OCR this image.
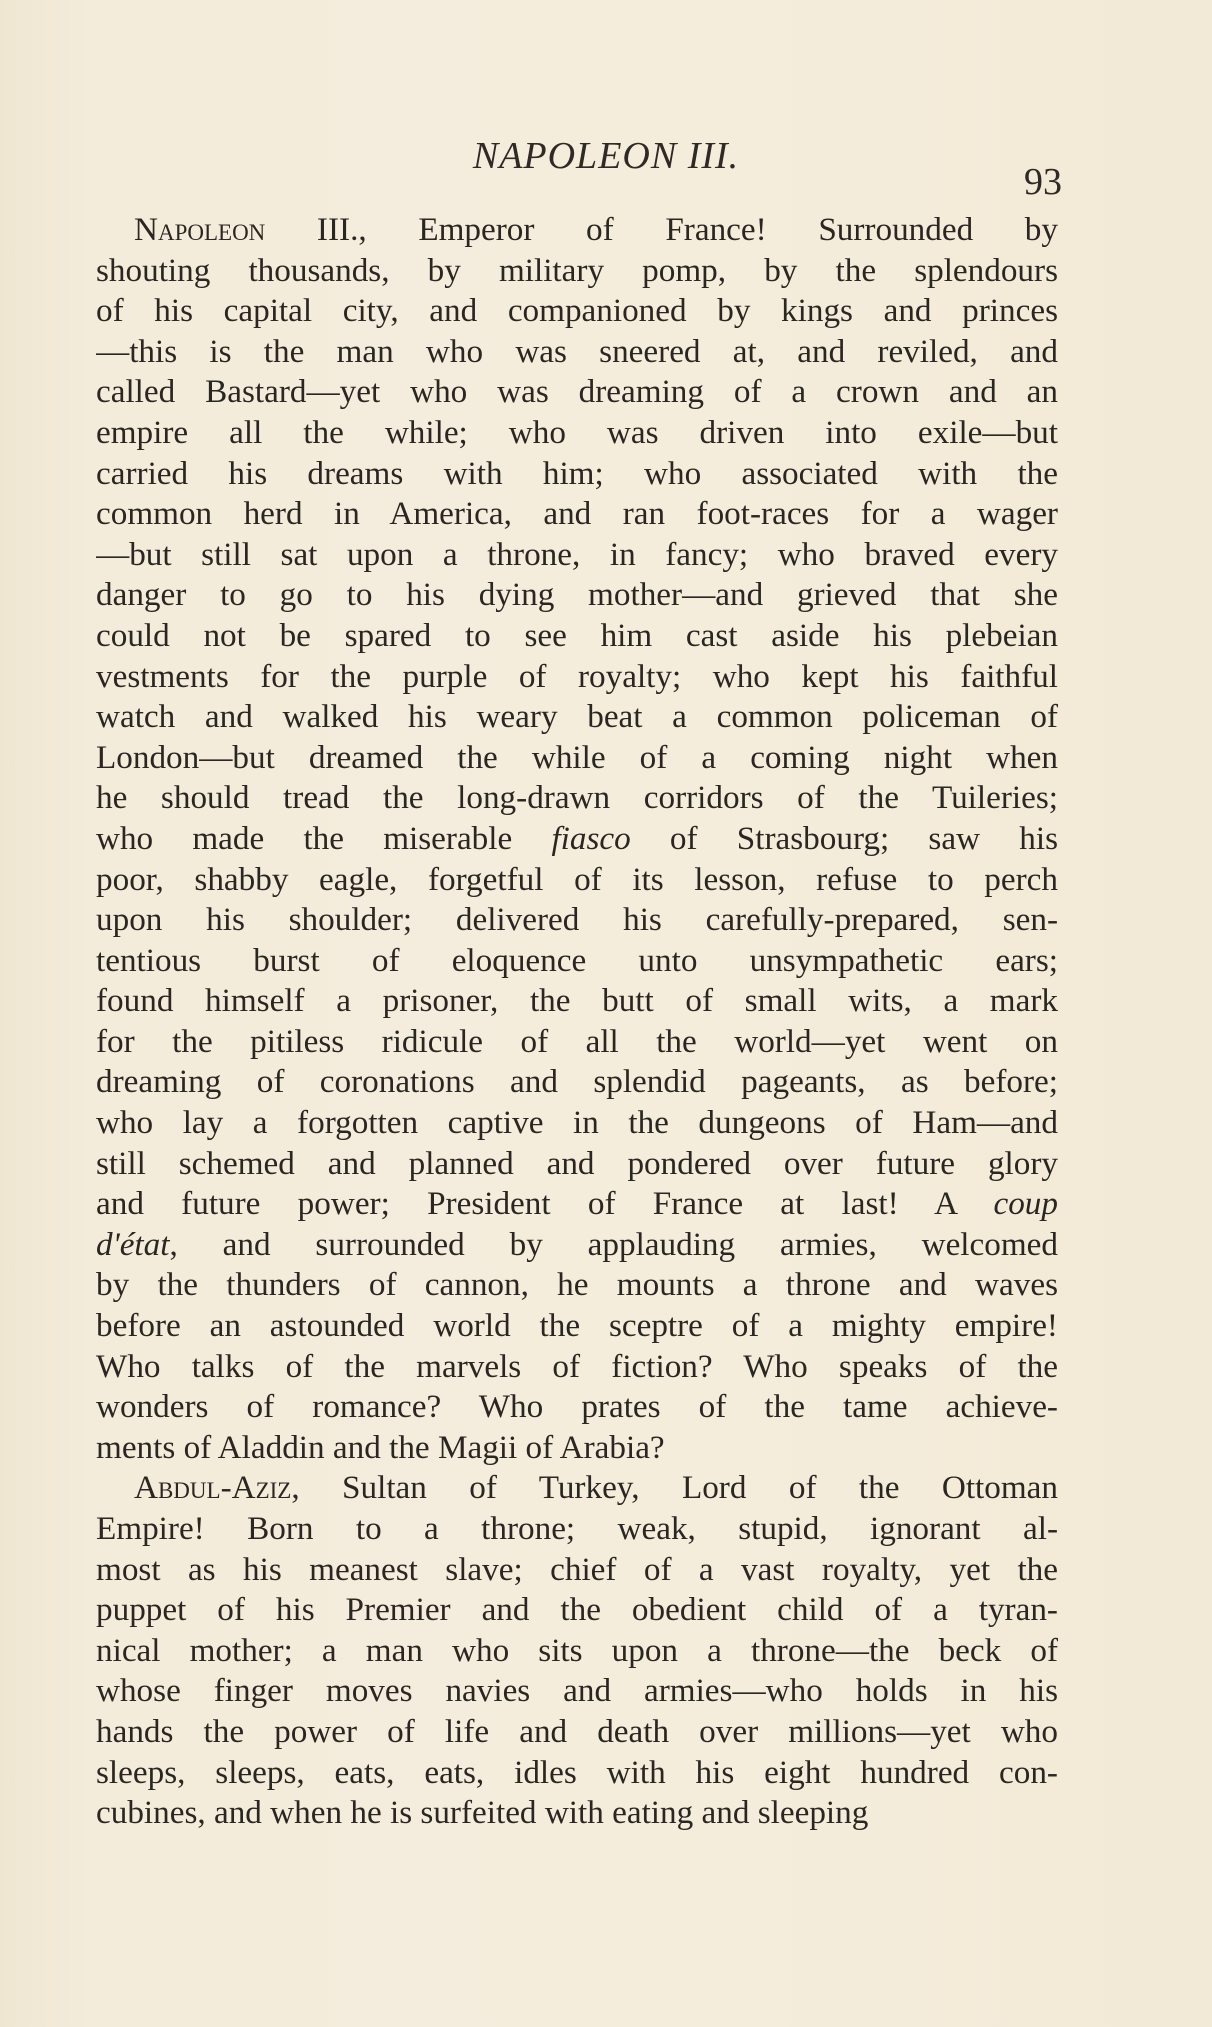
NAPOLEON III.
93
Napoleon III., Emperor of France! Surrounded by
shouting thousands, by military pomp, by the splendours
of his capital city, and companioned by kings and princes
—this is the man who was sneered at, and reviled, and
called Bastard—yet who was dreaming of a crown and an
empire all the while; who was driven into exile—but
carried his dreams with him; who associated with the
common herd in America, and ran foot-races for a wager
—but still sat upon a throne, in fancy; who braved every
danger to go to his dying mother—and grieved that she
could not be spared to see him cast aside his plebeian
vestments for the purple of royalty; who kept his faithful
watch and walked his weary beat a common policeman of
London—but dreamed the while of a coming night when
he should tread the long-drawn corridors of the Tuileries;
who made the miserable fiasco of Strasbourg; saw his
poor, shabby eagle, forgetful of its lesson, refuse to perch
upon his shoulder; delivered his carefully-prepared, sen-
tentious burst of eloquence unto unsympathetic ears;
found himself a prisoner, the butt of small wits, a mark
for the pitiless ridicule of all the world—yet went on
dreaming of coronations and splendid pageants, as before;
who lay a forgotten captive in the dungeons of Ham—and
still schemed and planned and pondered over future glory
and future power; President of France at last! A coup
d'état, and surrounded by applauding armies, welcomed
by the thunders of cannon, he mounts a throne and waves
before an astounded world the sceptre of a mighty empire!
Who talks of the marvels of fiction? Who speaks of the
wonders of romance? Who prates of the tame achieve-
ments of Aladdin and the Magii of Arabia?
Abdul-Aziz, Sultan of Turkey, Lord of the Ottoman
Empire! Born to a throne; weak, stupid, ignorant al-
most as his meanest slave; chief of a vast royalty, yet the
puppet of his Premier and the obedient child of a tyran-
nical mother; a man who sits upon a throne—the beck of
whose finger moves navies and armies—who holds in his
hands the power of life and death over millions—yet who
sleeps, sleeps, eats, eats, idles with his eight hundred con-
cubines, and when he is surfeited with eating and sleeping
